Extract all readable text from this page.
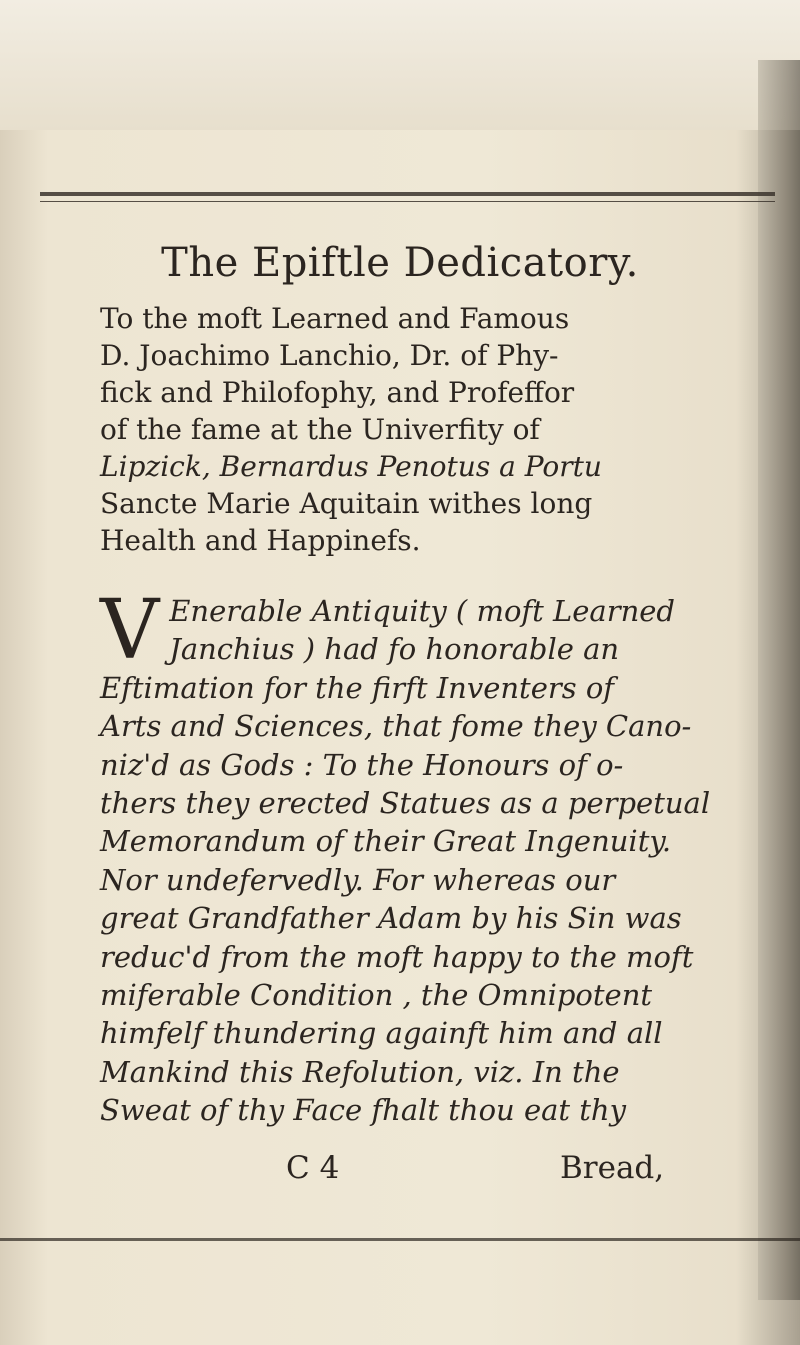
The Epiftle Dedicatory.
To the moft Learned and Famous
D. Joachimo Lanchio, Dr. of Phy-
fick and Philofophy, and Profeffor
of the fame at the Univerfity of
Lipzick, Bernardus Penotus a Portu
Sancte Marie Aquitain withes long
Health and Happinefs.
V Enerable Antiquity ( moft Learned
Janchius ) had fo honorable an
Eftimation for the firft Inventers of
Arts and Sciences, that fome they Cano-
niz'd as Gods : To the Honours of o-
thers they erected Statues as a perpetual
Memorandum of their Great Ingenuity.
Nor undefervedly. For whereas our
great Grandfather Adam by his Sin was
reduc'd from the moft happy to the moft
miferable Condition , the Omnipotent
himfelf thundering againft him and all
Mankind this Refolution, viz. In the
Sweat of thy Face fhalt thou eat thy
C 4	Bread,
